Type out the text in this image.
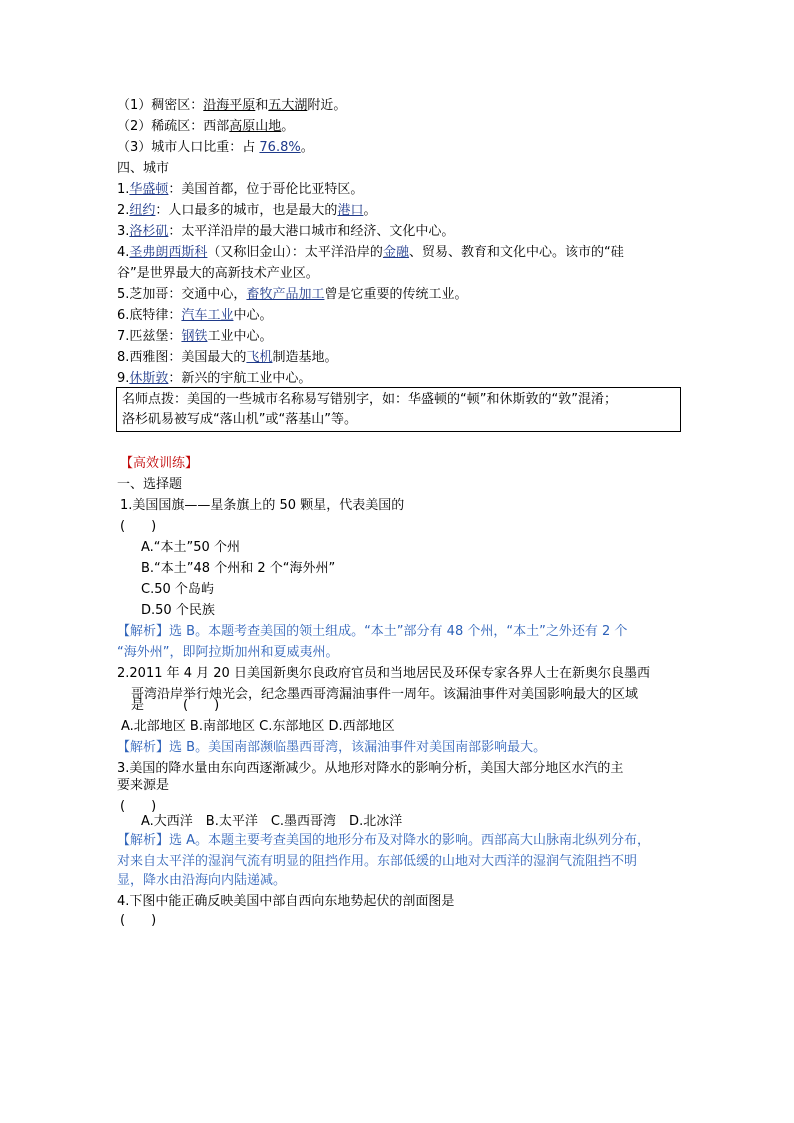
（1）稠密区：沿海平原和五大湖附近。
（2）稀疏区：西部高原山地。
（3）城市人口比重：占 76.8%。
四、城市
1.华盛顿：美国首都，位于哥伦比亚特区。
2.纽约：人口最多的城市，也是最大的港口。
3.洛杉矶：太平洋沿岸的最大港口城市和经济、文化中心。
4.圣弗朗西斯科（又称旧金山）：太平洋沿岸的金融、贸易、教育和文化中心。该市的“硅
谷”是世界最大的高新技术产业区。
5.芝加哥：交通中心，畜牧产品加工曾是它重要的传统工业。
6.底特律：汽车工业中心。
7.匹兹堡：钢铁工业中心。
8.西雅图：美国最大的飞机制造基地。
9.休斯敦：新兴的宇航工业中心。
名师点拨：美国的一些城市名称易写错别字，如：华盛顿的“顿”和休斯敦的“敦”混淆；
洛杉矶易被写成“落山机”或“落基山”等。
【高效训练】
一、选择题
1.美国国旗——星条旗上的 50 颗星，代表美国的
(　　)
A.“本土”50 个州
B.“本土”48 个州和 2 个“海外州”
C.50 个岛屿
D.50 个民族
【解析】选 B。本题考查美国的领土组成。“本土”部分有 48 个州，“本土”之外还有 2 个
“海外州”，即阿拉斯加州和夏威夷州。
2.2011 年 4 月 20 日美国新奥尔良政府官员和当地居民及环保专家各界人士在新奥尔良墨西
哥湾沿岸举行烛光会，纪念墨西哥湾漏油事件一周年。该漏油事件对美国影响最大的区域
是　　　(　　)
A.北部地区 B.南部地区 C.东部地区 D.西部地区
【解析】选 B。美国南部濒临墨西哥湾，该漏油事件对美国南部影响最大。
3.美国的降水量由东向西逐渐减少。从地形对降水的影响分析，美国大部分地区水汽的主
要来源是
(　　)
A.大西洋　B.太平洋　C.墨西哥湾　D.北冰洋
【解析】选 A。本题主要考查美国的地形分布及对降水的影响。西部高大山脉南北纵列分布，
对来自太平洋的湿润气流有明显的阻挡作用。东部低缓的山地对大西洋的湿润气流阻挡不明
显，降水由沿海向内陆递减。
4.下图中能正确反映美国中部自西向东地势起伏的剖面图是
(　　)
